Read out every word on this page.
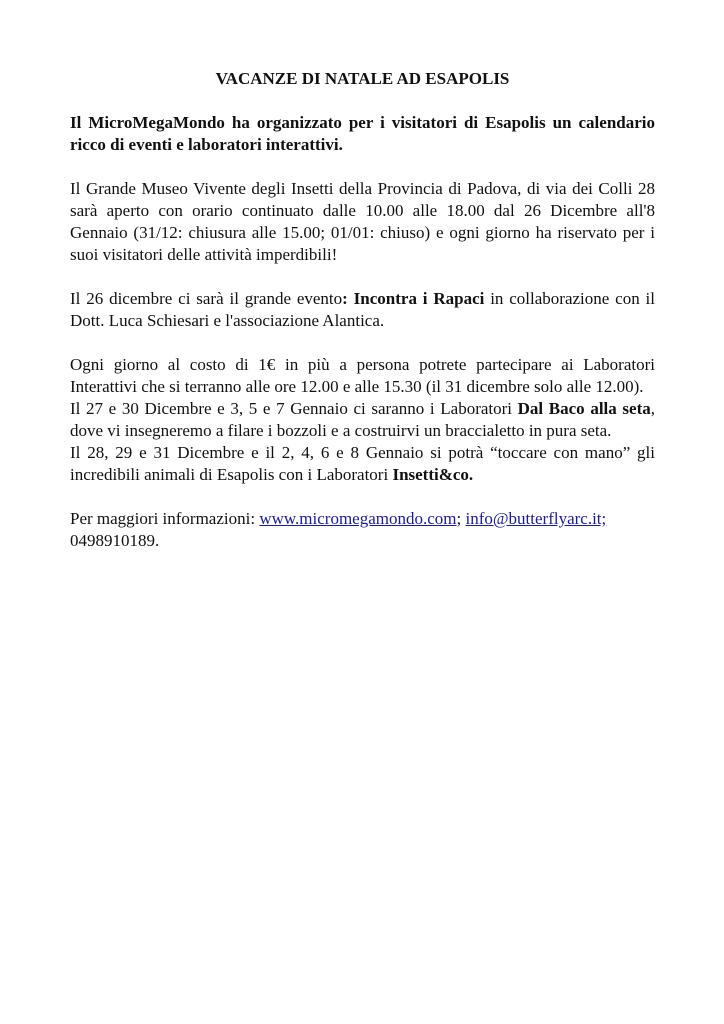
VACANZE DI NATALE AD ESAPOLIS

Il MicroMegaMondo ha organizzato per i visitatori di Esapolis un calendario ricco di eventi e laboratori interattivi.

Il Grande Museo Vivente degli Insetti della Provincia di Padova, di via dei Colli 28 sarà aperto con orario continuato dalle 10.00 alle 18.00 dal 26 Dicembre all'8 Gennaio (31/12: chiusura alle 15.00; 01/01: chiuso) e ogni giorno ha riservato per i suoi visitatori delle attività imperdibili!

Il 26 dicembre ci sarà il grande evento: Incontra i Rapaci in collaborazione con il Dott. Luca Schiesari e l'associazione Alantica.

Ogni giorno al costo di 1€ in più a persona potrete partecipare ai Laboratori Interattivi che si terranno alle ore 12.00 e alle 15.30 (il 31 dicembre solo alle 12.00).

Il 27 e 30 Dicembre e 3, 5 e 7 Gennaio ci saranno i Laboratori Dal Baco alla seta, dove vi insegneremo a filare i bozzoli e a costruirvi un braccialetto in pura seta.

Il 28, 29 e 31 Dicembre e il 2, 4, 6 e 8 Gennaio si potrà “toccare con mano” gli incredibili animali di Esapolis con i Laboratori Insetti&co.

Per maggiori informazioni: www.micromegamondo.com; info@butterflyarc.it;
0498910189.
